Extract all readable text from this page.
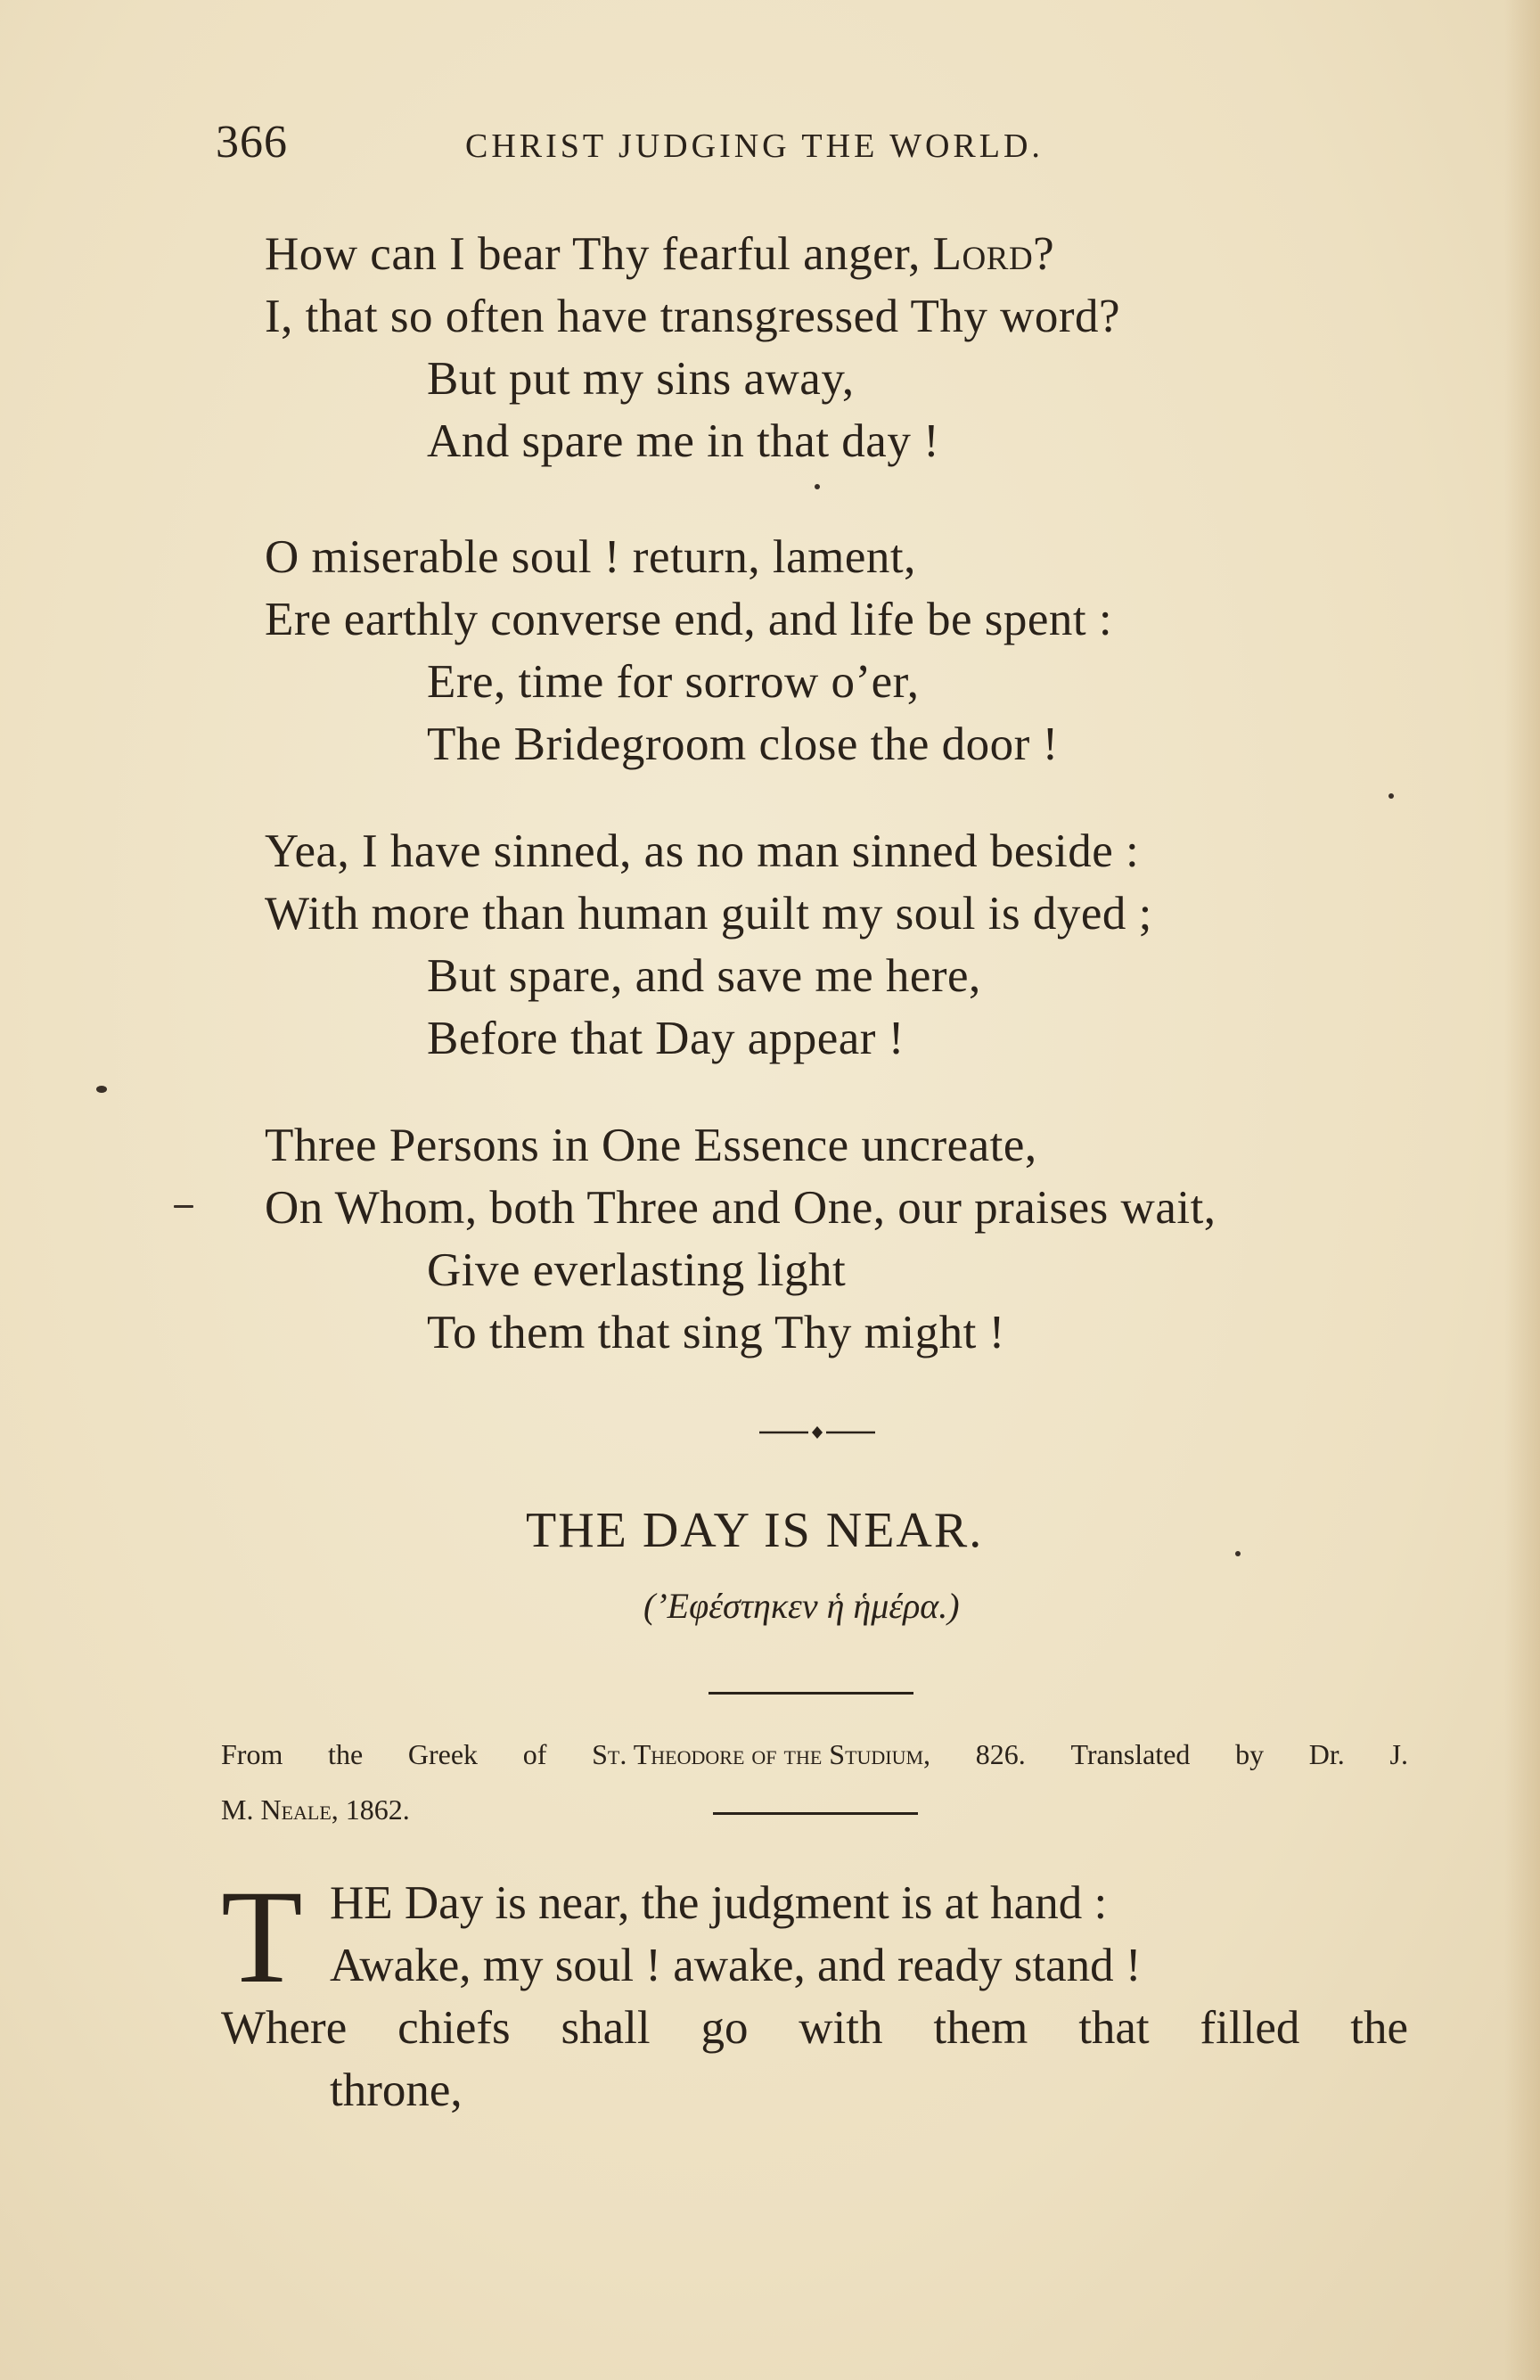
366	CHRIST JUDGING THE WORLD.
How can I bear Thy fearful anger, Lord?
I, that so often have transgressed Thy word?
But put my sins away,
And spare me in that day !
O miserable soul ! return, lament,
Ere earthly converse end, and life be spent :
Ere, time for sorrow o’er,
The Bridegroom close the door !
Yea, I have sinned, as no man sinned beside :
With more than human guilt my soul is dyed ;
But spare, and save me here,
Before that Day appear !
Three Persons in One Essence uncreate,
On Whom, both Three and One, our praises wait,
Give everlasting light
To them that sing Thy might !
THE DAY IS NEAR.
(’Εφέστηκεν ἡ ἡμέρα.)
From the Greek of St. Theodore of the Studium, 826. Translated by Dr. J.
M. Neale, 1862.
T HE Day is near, the judgment is at hand :
Awake, my soul ! awake, and ready stand !
Where chiefs shall go with them that filled the
throne,
